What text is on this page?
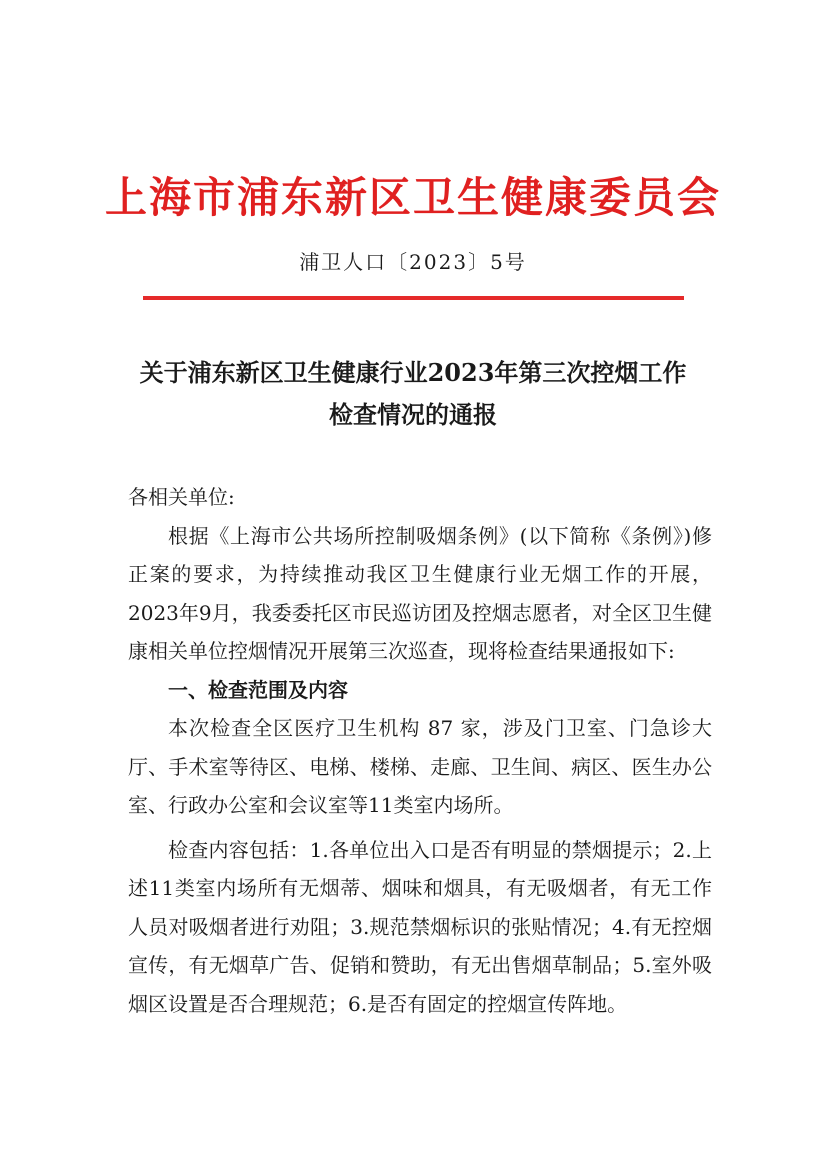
上海市浦东新区卫生健康委员会
浦卫人口〔2023〕5号
关于浦东新区卫生健康行业2023年第三次控烟工作
检查情况的通报

各相关单位:

根据《上海市公共场所控制吸烟条例》(以下简称《条例》)修正案的要求，为持续推动我区卫生健康行业无烟工作的开展，2023年9月，我委委托区市民巡访团及控烟志愿者，对全区卫生健康相关单位控烟情况开展第三次巡查，现将检查结果通报如下:

一、检查范围及内容

本次检查全区医疗卫生机构 87 家，涉及门卫室、门急诊大厅、手术室等待区、电梯、楼梯、走廊、卫生间、病区、医生办公室、行政办公室和会议室等11类室内场所。

检查内容包括：1.各单位出入口是否有明显的禁烟提示；2.上述11类室内场所有无烟蒂、烟味和烟具，有无吸烟者，有无工作人员对吸烟者进行劝阻；3.规范禁烟标识的张贴情况；4.有无控烟宣传，有无烟草广告、促销和赞助，有无出售烟草制品；5.室外吸烟区设置是否合理规范；6.是否有固定的控烟宣传阵地。
